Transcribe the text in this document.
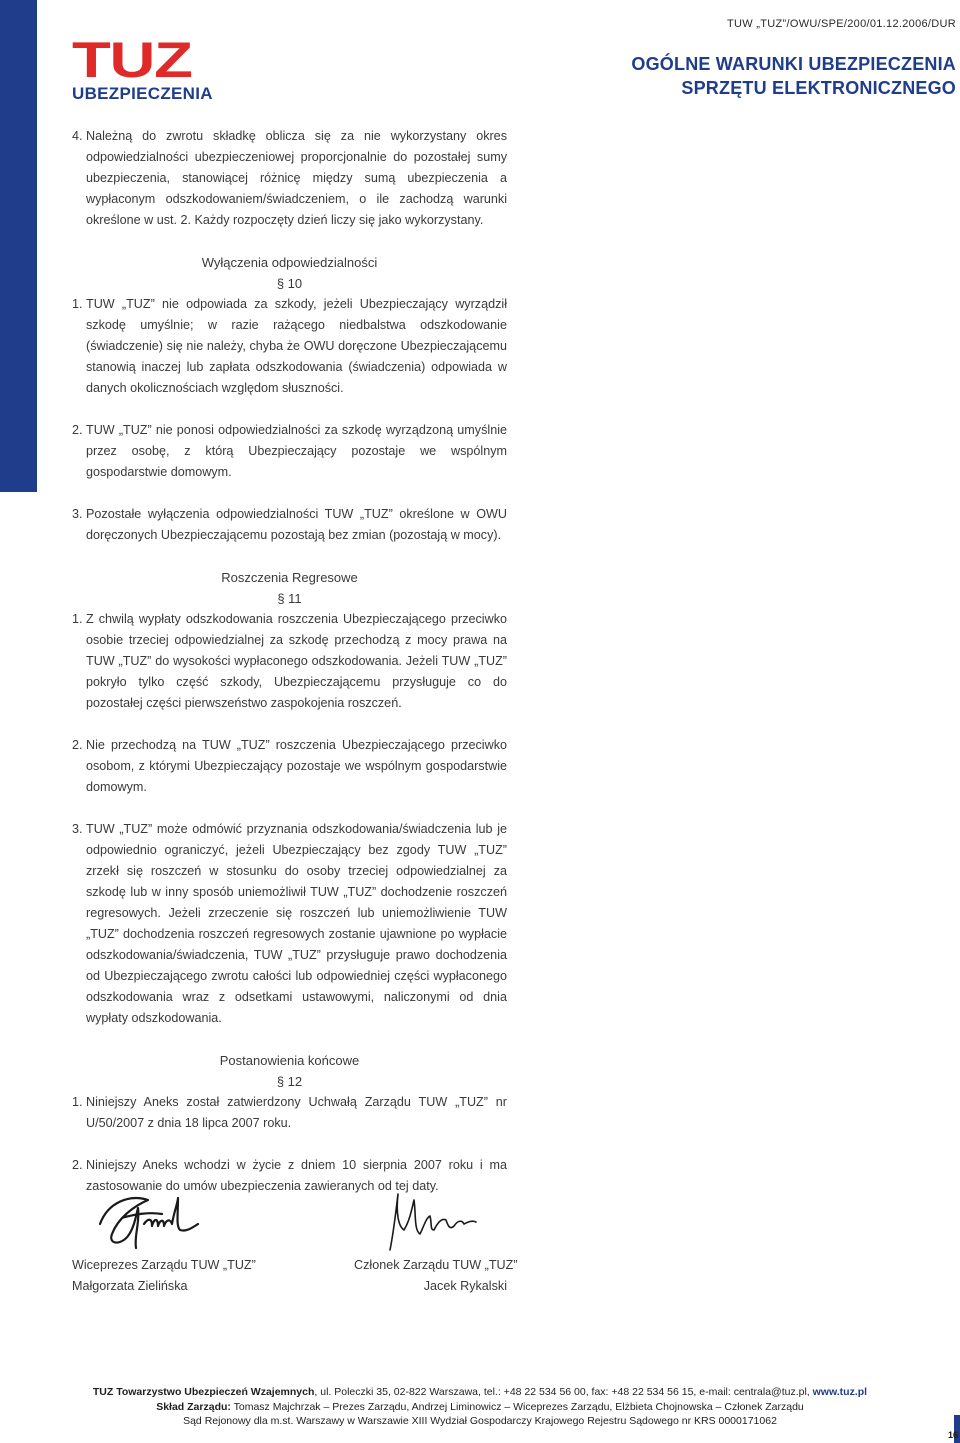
TUZ
UBEZPIECZENIA
TUW „TUZ”/OWU/SPE/200/01.12.2006/DUR
OGÓLNE WARUNKI UBEZPIECZENIA
SPRZĘTU ELEKTRONICZNEGO
4. Należną do zwrotu składkę oblicza się za nie wykorzystany okres odpowiedzialności ubezpieczeniowej proporcjonalnie do pozostałej sumy ubezpieczenia, stanowiącej różnicę między sumą ubezpieczenia a wypłaconym odszkodowaniem/świadczeniem, o ile zachodzą warunki określone w ust. 2. Każdy rozpoczęty dzień liczy się jako wykorzystany.

Wyłączenia odpowiedzialności

§ 10

1. TUW „TUZ” nie odpowiada za szkody, jeżeli Ubezpieczający wyrządził szkodę umyślnie; w razie rażącego niedbalstwa odszkodowanie (świadczenie) się nie należy, chyba że OWU doręczone Ubezpieczającemu stanowią inaczej lub zapłata odszkodowania (świadczenia) odpowiada w danych okolicznościach względom słuszności.
2. TUW „TUZ” nie ponosi odpowiedzialności za szkodę wyrządzoną umyślnie przez osobę, z którą Ubezpieczający pozostaje we wspólnym gospodarstwie domowym.
3. Pozostałe wyłączenia odpowiedzialności TUW „TUZ” określone w OWU doręczonych Ubezpieczającemu pozostają bez zmian (pozostają w mocy).

Roszczenia Regresowe

§ 11

1. Z chwilą wypłaty odszkodowania roszczenia Ubezpieczającego przeciwko osobie trzeciej odpowiedzialnej za szkodę przechodzą z mocy prawa na TUW „TUZ” do wysokości wypłaconego odszkodowania. Jeżeli TUW „TUZ” pokryło tylko część szkody, Ubezpieczającemu przysługuje co do pozostałej części pierwszeństwo zaspokojenia roszczeń.
2. Nie przechodzą na TUW „TUZ” roszczenia Ubezpieczającego przeciwko osobom, z którymi Ubezpieczający pozostaje we wspólnym gospodarstwie domowym.
3. TUW „TUZ” może odmówić przyznania odszkodowania/świadczenia lub je odpowiednio ograniczyć, jeżeli Ubezpieczający bez zgody TUW „TUZ” zrzekł się roszczeń w stosunku do osoby trzeciej odpowiedzialnej za szkodę lub w inny sposób uniemożliwił TUW „TUZ” dochodzenie roszczeń regresowych. Jeżeli zrzeczenie się roszczeń lub uniemożliwienie TUW „TUZ” dochodzenia roszczeń regresowych zostanie ujawnione po wypłacie odszkodowania/świadczenia, TUW „TUZ” przysługuje prawo dochodzenia od Ubezpieczającego zwrotu całości lub odpowiedniej części wypłaconego odszkodowania wraz z odsetkami ustawowymi, naliczonymi od dnia wypłaty odszkodowania.

Postanowienia końcowe

§ 12

1. Niniejszy Aneks został zatwierdzony Uchwałą Zarządu TUW „TUZ” nr U/50/2007 z dnia 18 lipca 2007 roku.
2. Niniejszy Aneks wchodzi w życie z dniem 10 sierpnia 2007 roku i ma zastosowanie do umów ubezpieczenia zawieranych od tej daty.
Wiceprezes Zarządu TUW „TUZ”
Małgorzata Zielińska
Członek Zarządu TUW „TUZ”
Jacek Rykalski
TUZ Towarzystwo Ubezpieczeń Wzajemnych, ul. Poleczki 35, 02-822 Warszawa, tel.: +48 22 534 56 00, fax: +48 22 534 56 15, e-mail: centrala@tuz.pl, www.tuz.pl
Skład Zarządu: Tomasz Majchrzak – Prezes Zarządu, Andrzej Liminowicz – Wiceprezes Zarządu, Elżbieta Chojnowska – Członek Zarządu
Sąd Rejonowy dla m.st. Warszawy w Warszawie XIII Wydział Gospodarczy Krajowego Rejestru Sądowego nr KRS 0000171062
16
